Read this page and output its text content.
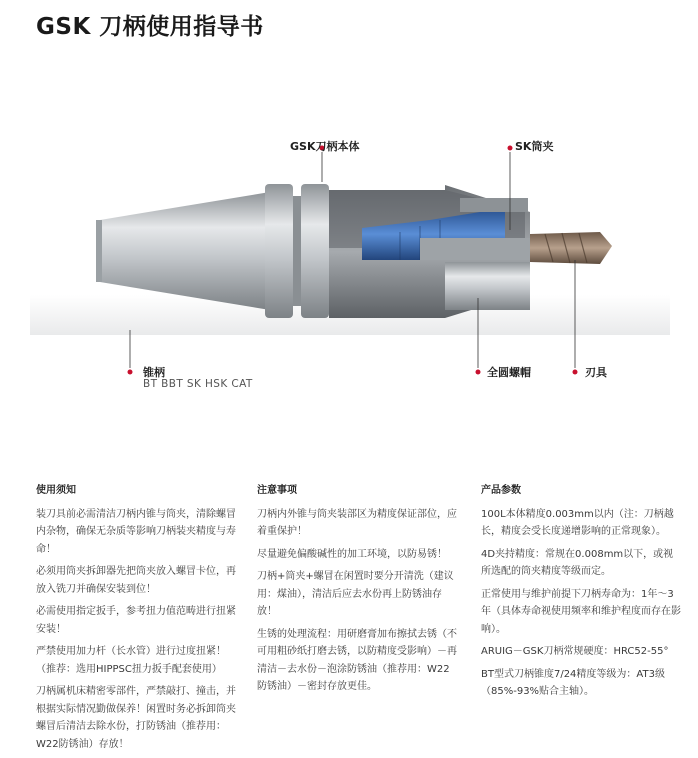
GSK 刀柄使用指导书
GSK刀柄本体	SK筒夹
锥柄
BT BBT SK HSK CAT
全圆螺帽	刃具
使用须知

装刀具前必需清洁刀柄内锥与筒夹，清除螺冒内杂物，确保无杂质等影响刀柄装夹精度与寿命！

必须用筒夹拆卸器先把筒夹放入螺冒卡位，再放入铣刀并确保安装到位！

必需使用指定扳手，参考扭力值范畴进行扭紧安装！

严禁使用加力杆（长水管）进行过度扭紧！（推荐：选用HIPPSC扭力扳手配套使用）

刀柄属机床精密零部件，严禁敲打、撞击，并根据实际情况勤做保养！闲置时务必拆卸筒夹螺冒后清洁去除水份，打防锈油（推荐用：W22防锈油）存放！

注意事项

刀柄内外锥与筒夹装部区为精度保证部位，应着重保护！

尽量避免偏酸碱性的加工环境，以防易锈！

刀柄+筒夹+螺冒在闲置时要分开清洗（建议用：煤油），清洁后应去水份再上防锈油存放！

生锈的处理流程：用研磨膏加布擦拭去锈（不可用粗砂纸打磨去锈，以防精度受影响）－再清洁－去水份－泡涂防锈油（推荐用：W22防锈油）－密封存放更佳。

产品参数

100L本体精度0.003mm以内（注：刀柄越长，精度会受长度递增影响的正常现象）。

4D夹持精度：常规在0.008mm以下，或视所选配的筒夹精度等级而定。

正常使用与维护前提下刀柄寿命为：1年～3年（具体寿命视使用频率和维护程度而存在影响）。

ARUIG－GSK刀柄常规硬度：HRC52-55°

BT型式刀柄锥度7/24精度等级为：AT3级（85%-93%贴合主轴）。
